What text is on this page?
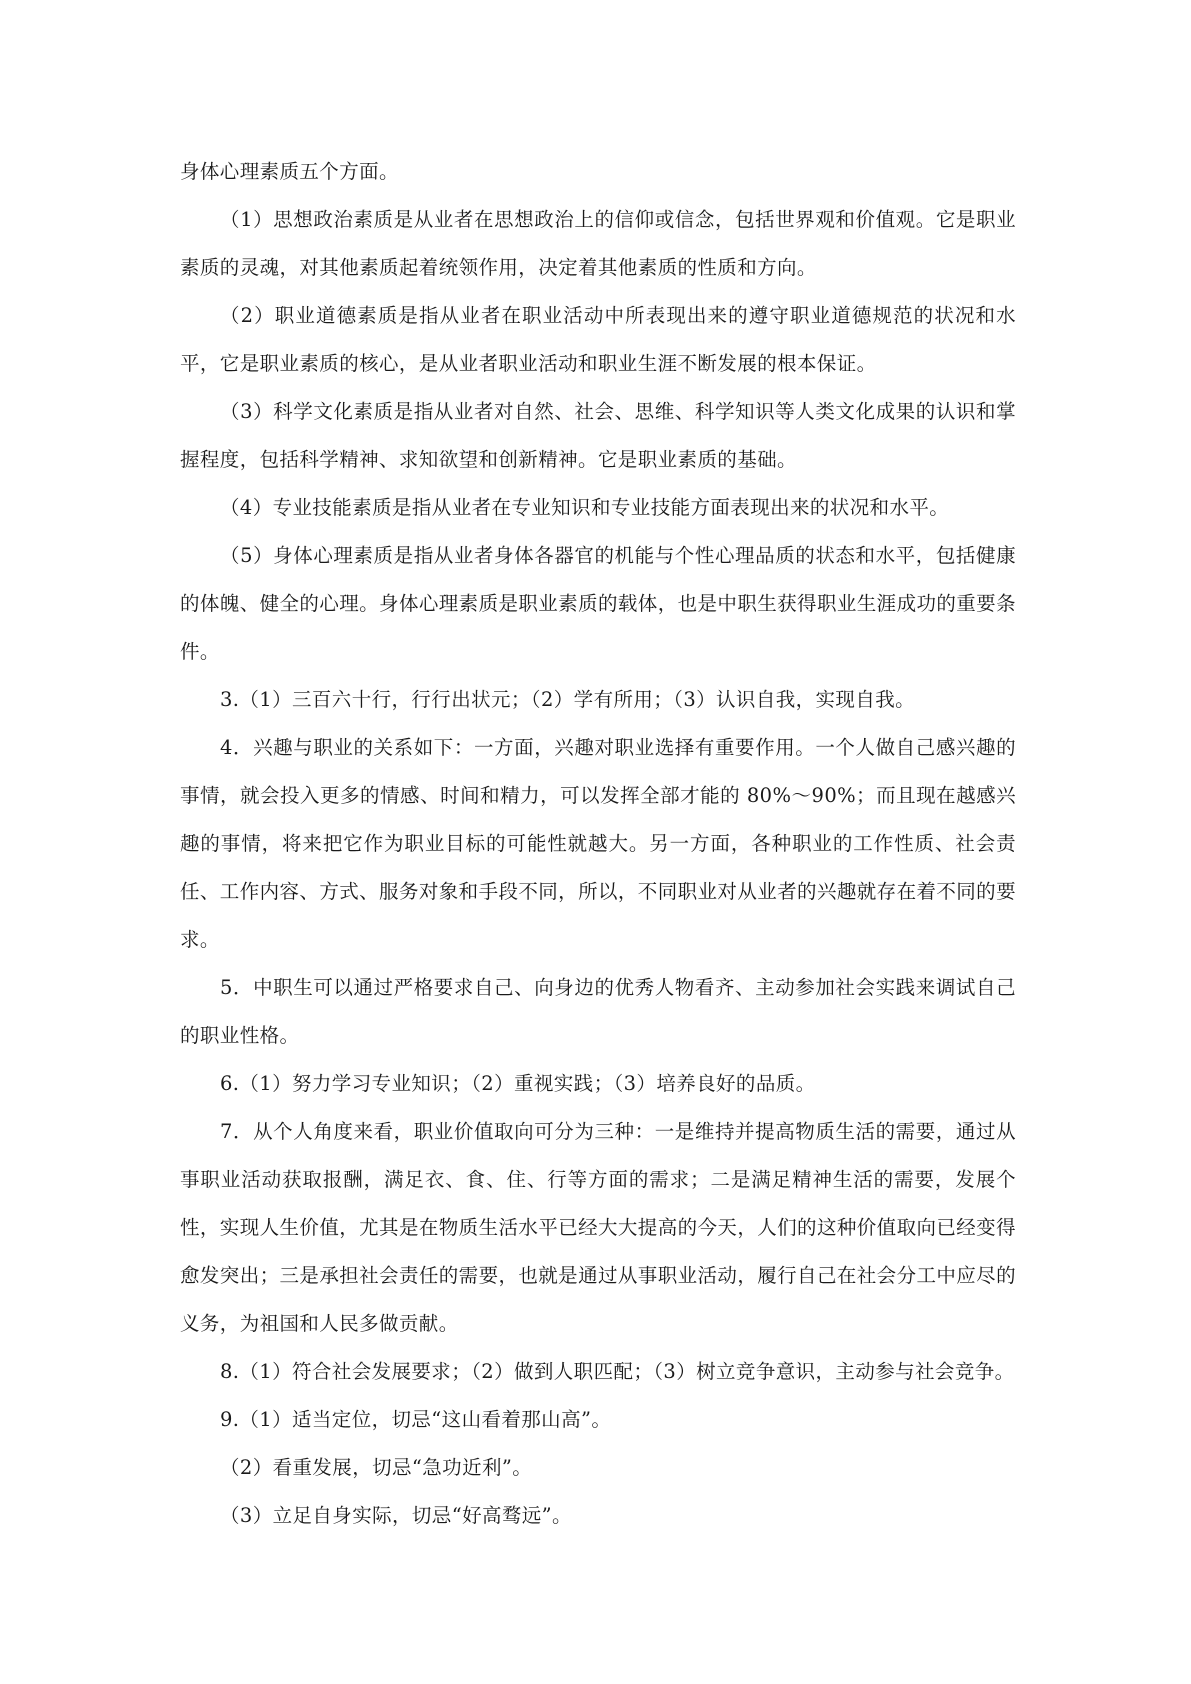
身体心理素质五个方面。

（1）思想政治素质是从业者在思想政治上的信仰或信念，包括世界观和价值观。它是职业素质的灵魂，对其他素质起着统领作用，决定着其他素质的性质和方向。

（2）职业道德素质是指从业者在职业活动中所表现出来的遵守职业道德规范的状况和水平，它是职业素质的核心，是从业者职业活动和职业生涯不断发展的根本保证。

（3）科学文化素质是指从业者对自然、社会、思维、科学知识等人类文化成果的认识和掌握程度，包括科学精神、求知欲望和创新精神。它是职业素质的基础。

（4）专业技能素质是指从业者在专业知识和专业技能方面表现出来的状况和水平。

（5）身体心理素质是指从业者身体各器官的机能与个性心理品质的状态和水平，包括健康的体魄、健全的心理。身体心理素质是职业素质的载体，也是中职生获得职业生涯成功的重要条件。

3.（1）三百六十行，行行出状元；（2）学有所用；（3）认识自我，实现自我。

4．兴趣与职业的关系如下：一方面，兴趣对职业选择有重要作用。一个人做自己感兴趣的事情，就会投入更多的情感、时间和精力，可以发挥全部才能的 80%～90%；而且现在越感兴趣的事情，将来把它作为职业目标的可能性就越大。另一方面，各种职业的工作性质、社会责任、工作内容、方式、服务对象和手段不同，所以，不同职业对从业者的兴趣就存在着不同的要求。

5．中职生可以通过严格要求自己、向身边的优秀人物看齐、主动参加社会实践来调试自己的职业性格。

6.（1）努力学习专业知识；（2）重视实践；（3）培养良好的品质。

7．从个人角度来看，职业价值取向可分为三种：一是维持并提高物质生活的需要，通过从事职业活动获取报酬，满足衣、食、住、行等方面的需求；二是满足精神生活的需要，发展个性，实现人生价值，尤其是在物质生活水平已经大大提高的今天，人们的这种价值取向已经变得愈发突出；三是承担社会责任的需要，也就是通过从事职业活动，履行自己在社会分工中应尽的义务，为祖国和人民多做贡献。

8.（1）符合社会发展要求；（2）做到人职匹配；（3）树立竞争意识，主动参与社会竞争。

9.（1）适当定位，切忌“这山看着那山高”。

（2）看重发展，切忌“急功近利”。

（3）立足自身实际，切忌“好高骛远”。
